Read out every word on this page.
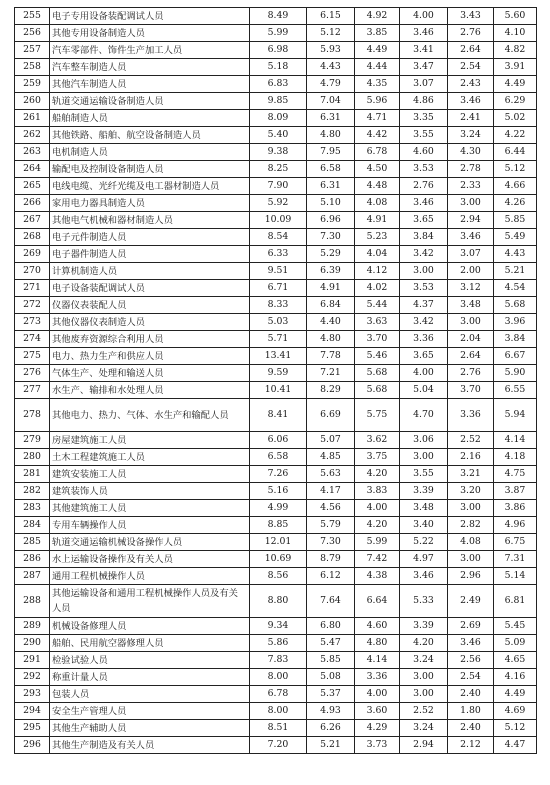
255	电子专用设备装配调试人员	8.49	6.15	4.92	4.00	3.43	5.60
256	其他专用设备制造人员	5.99	5.12	3.85	3.46	2.76	4.10
257	汽车零部件、饰件生产加工人员	6.98	5.93	4.49	3.41	2.64	4.82
258	汽车整车制造人员	5.18	4.43	4.44	3.47	2.54	3.91
259	其他汽车制造人员	6.83	4.79	4.35	3.07	2.43	4.49
260	轨道交通运输设备制造人员	9.85	7.04	5.96	4.86	3.46	6.29
261	船舶制造人员	8.09	6.31	4.71	3.35	2.41	5.02
262	其他铁路、船舶、航空设备制造人员	5.40	4.80	4.42	3.55	3.24	4.22
263	电机制造人员	9.38	7.95	6.78	4.60	4.30	6.44
264	输配电及控制设备制造人员	8.25	6.58	4.50	3.53	2.78	5.12
265	电线电缆、光纤光缆及电工器材制造人员	7.90	6.31	4.48	2.76	2.33	4.66
266	家用电力器具制造人员	5.92	5.10	4.08	3.46	3.00	4.26
267	其他电气机械和器材制造人员	10.09	6.96	4.91	3.65	2.94	5.85
268	电子元件制造人员	8.54	7.30	5.23	3.84	3.46	5.49
269	电子器件制造人员	6.33	5.29	4.04	3.42	3.07	4.43
270	计算机制造人员	9.51	6.39	4.12	3.00	2.00	5.21
271	电子设备装配调试人员	6.71	4.91	4.02	3.53	3.12	4.54
272	仪器仪表装配人员	8.33	6.84	5.44	4.37	3.48	5.68
273	其他仪器仪表制造人员	5.03	4.40	3.63	3.42	3.00	3.96
274	其他废弃资源综合利用人员	5.71	4.80	3.70	3.36	2.04	3.84
275	电力、热力生产和供应人员	13.41	7.78	5.46	3.65	2.64	6.67
276	气体生产、处理和输送人员	9.59	7.21	5.68	4.00	2.76	5.90
277	水生产、输排和水处理人员	10.41	8.29	5.68	5.04	3.70	6.55
278	其他电力、热力、气体、水生产和输配人员	8.41	6.69	5.75	4.70	3.36	5.94
279	房屋建筑施工人员	6.06	5.07	3.62	3.06	2.52	4.14
280	土木工程建筑施工人员	6.58	4.85	3.75	3.00	2.16	4.18
281	建筑安装施工人员	7.26	5.63	4.20	3.55	3.21	4.75
282	建筑装饰人员	5.16	4.17	3.83	3.39	3.20	3.87
283	其他建筑施工人员	4.99	4.56	4.00	3.48	3.00	3.86
284	专用车辆操作人员	8.85	5.79	4.20	3.40	2.82	4.96
285	轨道交通运输机械设备操作人员	12.01	7.30	5.99	5.22	4.08	6.75
286	水上运输设备操作及有关人员	10.69	8.79	7.42	4.97	3.00	7.31
287	通用工程机械操作人员	8.56	6.12	4.38	3.46	2.96	5.14
288	其他运输设备和通用工程机械操作人员及有关人员	8.80	7.64	6.64	5.33	2.49	6.81
289	机械设备修理人员	9.34	6.80	4.60	3.39	2.69	5.45
290	船舶、民用航空器修理人员	5.86	5.47	4.80	4.20	3.46	5.09
291	检验试验人员	7.83	5.85	4.14	3.24	2.56	4.65
292	称重计量人员	8.00	5.08	3.36	3.00	2.54	4.16
293	包装人员	6.78	5.37	4.00	3.00	2.40	4.49
294	安全生产管理人员	8.00	4.93	3.60	2.52	1.80	4.69
295	其他生产辅助人员	8.51	6.26	4.29	3.24	2.40	5.12
296	其他生产制造及有关人员	7.20	5.21	3.73	2.94	2.12	4.47
